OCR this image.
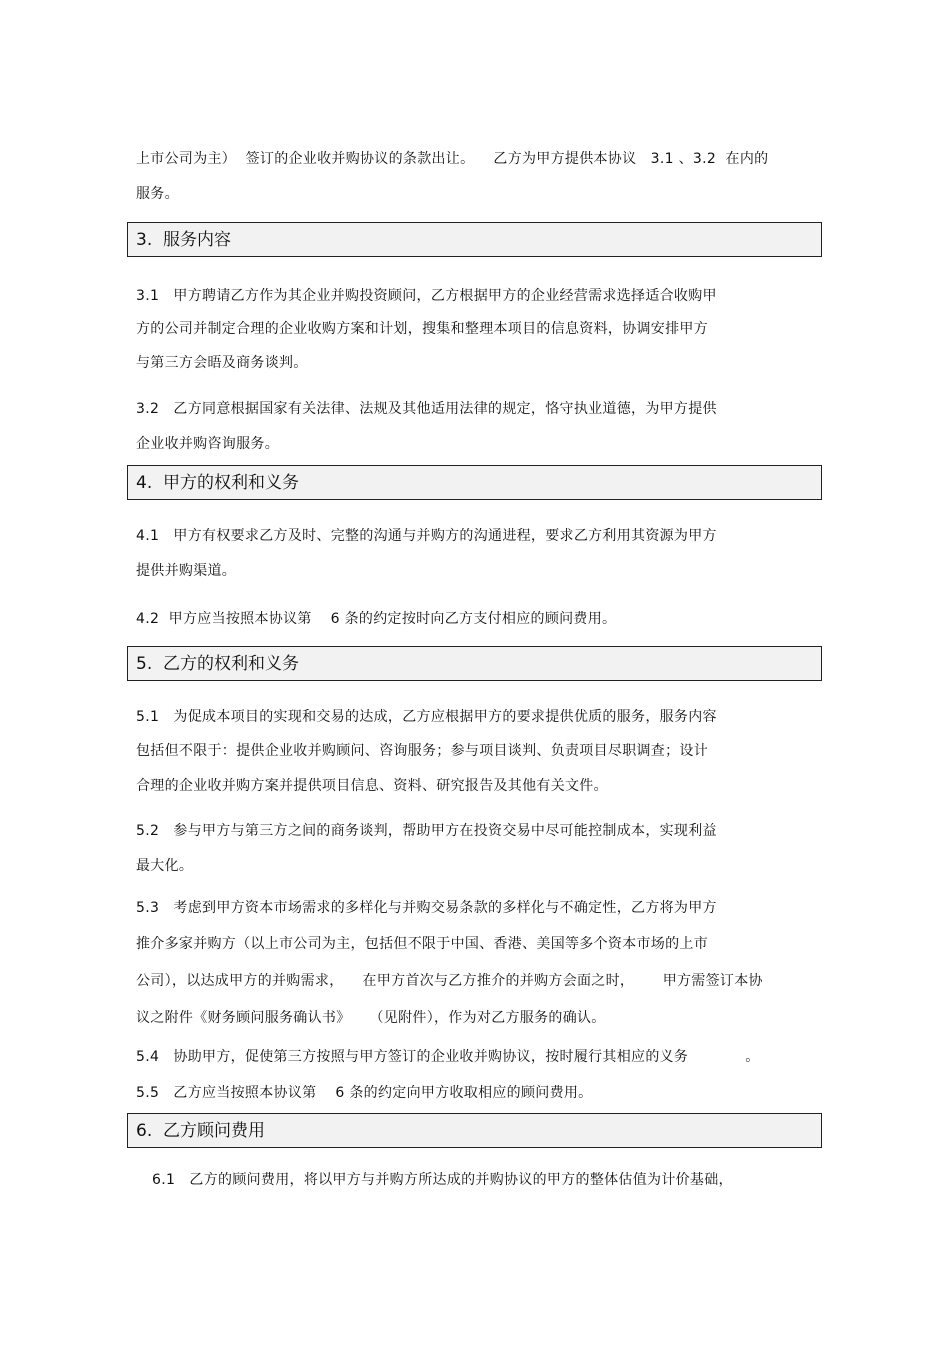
上市公司为主）  签订的企业收并购协议的条款出让。    乙方为甲方提供本协议   3.1 、3.2  在内的
服务。
3.  服务内容
3.1   甲方聘请乙方作为其企业并购投资顾问，乙方根据甲方的企业经营需求选择适合收购甲
方的公司并制定合理的企业收购方案和计划，搜集和整理本项目的信息资料，协调安排甲方
与第三方会晤及商务谈判。
3.2   乙方同意根据国家有关法律、法规及其他适用法律的规定，恪守执业道德，为甲方提供
企业收并购咨询服务。
4.  甲方的权利和义务
4.1   甲方有权要求乙方及时、完整的沟通与并购方的沟通进程，要求乙方利用其资源为甲方
提供并购渠道。
4.2  甲方应当按照本协议第    6 条的约定按时向乙方支付相应的顾问费用。
5.  乙方的权利和义务
5.1   为促成本项目的实现和交易的达成，乙方应根据甲方的要求提供优质的服务，服务内容
包括但不限于：提供企业收并购顾问、咨询服务；参与项目谈判、负责项目尽职调查；设计
合理的企业收并购方案并提供项目信息、资料、研究报告及其他有关文件。
5.2   参与甲方与第三方之间的商务谈判，帮助甲方在投资交易中尽可能控制成本，实现利益
最大化。
5.3   考虑到甲方资本市场需求的多样化与并购交易条款的多样化与不确定性，乙方将为甲方
推介多家并购方（以上市公司为主，包括但不限于中国、香港、美国等多个资本市场的上市
公司），以达成甲方的并购需求，    在甲方首次与乙方推介的并购方会面之时，      甲方需签订本协
议之附件《财务顾问服务确认书》    （见附件），作为对乙方服务的确认。
5.4   协助甲方，促使第三方按照与甲方签订的企业收并购协议，按时履行其相应的义务            。
5.5   乙方应当按照本协议第    6 条的约定向甲方收取相应的顾问费用。
6.  乙方顾问费用
6.1   乙方的顾问费用，将以甲方与并购方所达成的并购协议的甲方的整体估值为计价基础，
